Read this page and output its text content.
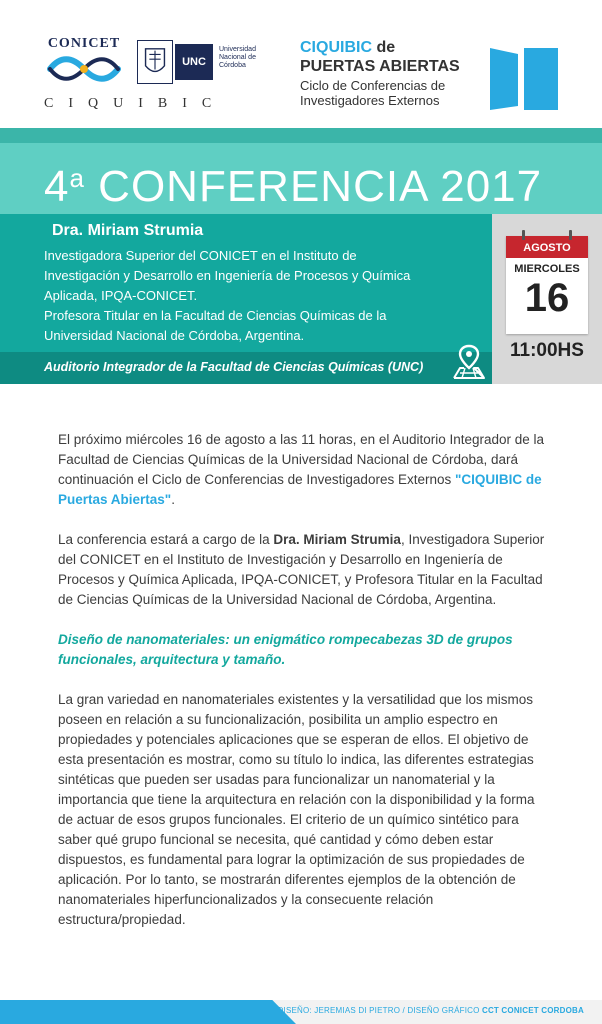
CONICET
UNC
Universidad Nacional de Córdoba
CIQUIBIC
CIQUIBIC de
PUERTAS ABIERTAS
Ciclo de Conferencias de Investigadores Externos
4$^a$ CONFERENCIA 2017
Dra. Miriam Strumia
Investigadora Superior del CONICET en el Instituto de
Investigación y Desarrollo en Ingeniería de Procesos y Química
Aplicada, IPQA-CONICET.
Profesora Titular en la Facultad de Ciencias Químicas de la
Universidad Nacional de Córdoba, Argentina.
Auditorio Integrador de la Facultad de Ciencias Químicas (UNC)
AGOSTO
MIERCOLES
16
11:00HS

El próximo miércoles 16 de agosto a las 11 horas, en el Auditorio Integrador de la Facultad de Ciencias Químicas de la Universidad Nacional de Córdoba, dará continuación el Ciclo de Conferencias de Investigadores Externos "CIQUIBIC de Puertas Abiertas".

La conferencia estará a cargo de la Dra. Miriam Strumia, Investigadora Superior del CONICET en el Instituto de Investigación y Desarrollo en Ingeniería de Procesos y Química Aplicada, IPQA-CONICET, y Profesora Titular en la Facultad de Ciencias Químicas de la Universidad Nacional de Córdoba, Argentina.

Diseño de nanomateriales: un enigmático rompecabezas 3D de grupos funcionales, arquitectura y tamaño.

La gran variedad en nanomateriales existentes y la versatilidad que los mismos poseen en relación a su funcionalización, posibilita un amplio espectro en propiedades y potenciales aplicaciones que se esperan de ellos. El objetivo de esta presentación es mostrar, como su título lo indica, las diferentes estrategias sintéticas que pueden ser usadas para funcionalizar un nanomaterial y la importancia que tiene la arquitectura en relación con la disponibilidad y la forma de actuar de esos grupos funcionales. El criterio de un químico sintético para saber qué grupo funcional se necesita, qué cantidad y cómo deben estar dispuestos, es fundamental para lograr la optimización de sus propiedades de aplicación. Por lo tanto, se mostrarán diferentes ejemplos de la obtención de nanomateriales hiperfuncionalizados y la consecuente relación estructura/propiedad.

DISEÑO: JEREMIAS DI PIETRO / DISEÑO GRÁFICO CCT CONICET CORDOBA
